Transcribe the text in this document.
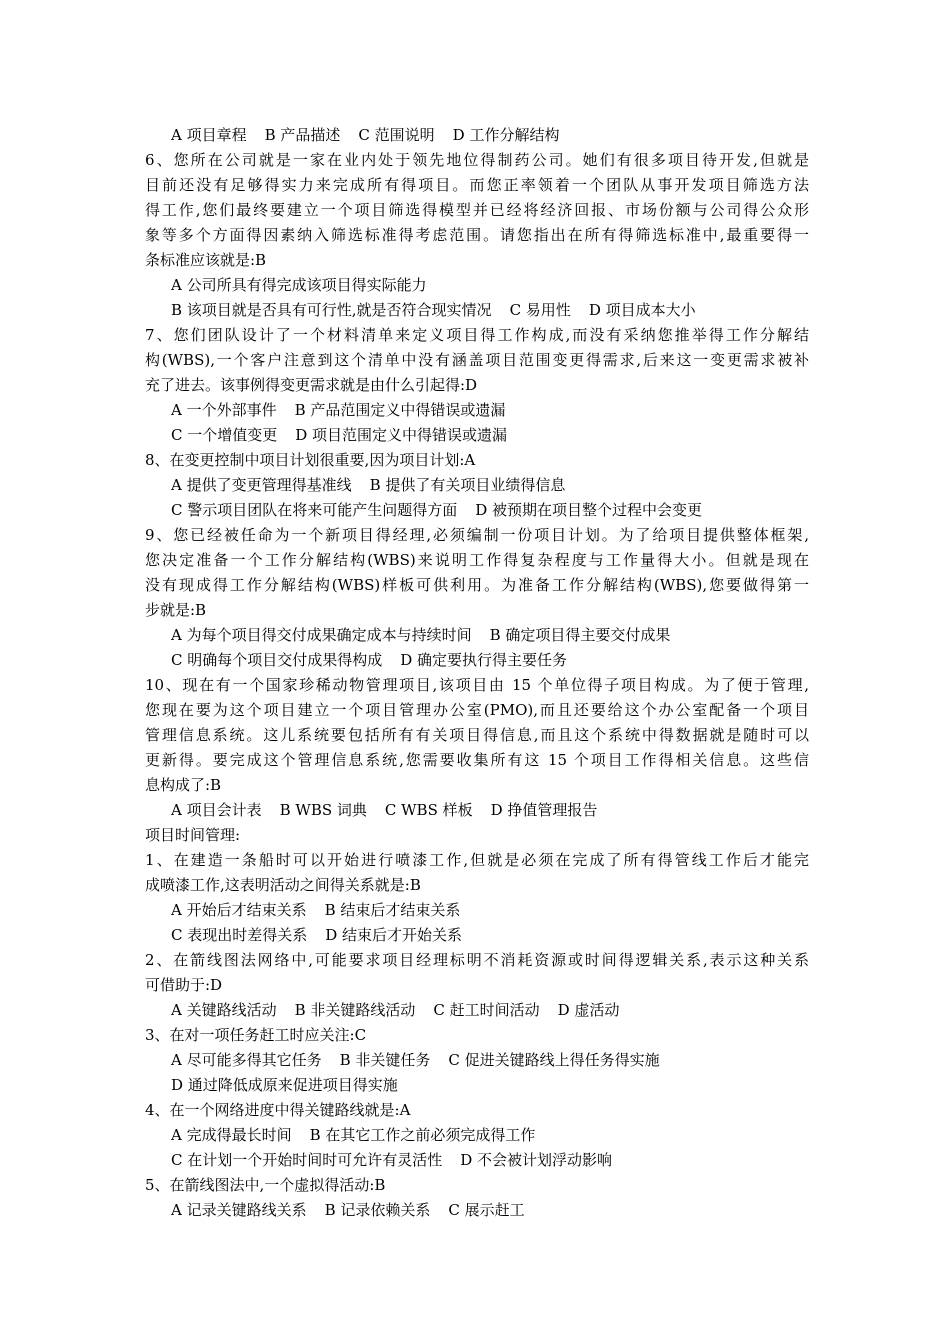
A 项目章程 B 产品描述 C 范围说明 D 工作分解结构
6、您所在公司就是一家在业内处于领先地位得制药公司。她们有很多项目待开发,但就是
目前还没有足够得实力来完成所有得项目。而您正率领着一个团队从事开发项目筛选方法
得工作,您们最终要建立一个项目筛选得模型并已经将经济回报、市场份额与公司得公众形
象等多个方面得因素纳入筛选标准得考虑范围。请您指出在所有得筛选标准中,最重要得一
条标准应该就是:B
A 公司所具有得完成该项目得实际能力
B 该项目就是否具有可行性,就是否符合现实情况 C 易用性 D 项目成本大小
7、您们团队设计了一个材料清单来定义项目得工作构成,而没有采纳您推举得工作分解结
构(WBS),一个客户注意到这个清单中没有涵盖项目范围变更得需求,后来这一变更需求被补
充了进去。该事例得变更需求就是由什么引起得:D
A 一个外部事件 B 产品范围定义中得错误或遗漏
C 一个增值变更 D 项目范围定义中得错误或遗漏
8、在变更控制中项目计划很重要,因为项目计划:A
A 提供了变更管理得基准线 B 提供了有关项目业绩得信息
C 警示项目团队在将来可能产生问题得方面 D 被预期在项目整个过程中会变更
9、您已经被任命为一个新项目得经理,必须编制一份项目计划。为了给项目提供整体框架,
您决定准备一个工作分解结构(WBS)来说明工作得复杂程度与工作量得大小。但就是现在
没有现成得工作分解结构(WBS)样板可供利用。为准备工作分解结构(WBS),您要做得第一
步就是:B
A 为每个项目得交付成果确定成本与持续时间 B 确定项目得主要交付成果
C 明确每个项目交付成果得构成 D 确定要执行得主要任务
10、现在有一个国家珍稀动物管理项目,该项目由 15 个单位得子项目构成。为了便于管理,
您现在要为这个项目建立一个项目管理办公室(PMO),而且还要给这个办公室配备一个项目
管理信息系统。这儿系统要包括所有有关项目得信息,而且这个系统中得数据就是随时可以
更新得。要完成这个管理信息系统,您需要收集所有这 15 个项目工作得相关信息。这些信
息构成了:B
A 项目会计表 B WBS 词典 C WBS 样板 D 挣值管理报告
项目时间管理:
1、在建造一条船时可以开始进行喷漆工作,但就是必须在完成了所有得管线工作后才能完
成喷漆工作,这表明活动之间得关系就是:B
A 开始后才结束关系 B 结束后才结束关系
C 表现出时差得关系 D 结束后才开始关系
2、在箭线图法网络中,可能要求项目经理标明不消耗资源或时间得逻辑关系,表示这种关系
可借助于:D
A 关键路线活动 B 非关键路线活动 C 赶工时间活动 D 虚活动
3、在对一项任务赶工时应关注:C
A 尽可能多得其它任务 B 非关键任务 C 促进关键路线上得任务得实施
D 通过降低成原来促进项目得实施
4、在一个网络进度中得关键路线就是:A
A 完成得最长时间 B 在其它工作之前必须完成得工作
C 在计划一个开始时间时可允许有灵活性 D 不会被计划浮动影响
5、在箭线图法中,一个虚拟得活动:B
A 记录关键路线关系 B 记录依赖关系 C 展示赶工
